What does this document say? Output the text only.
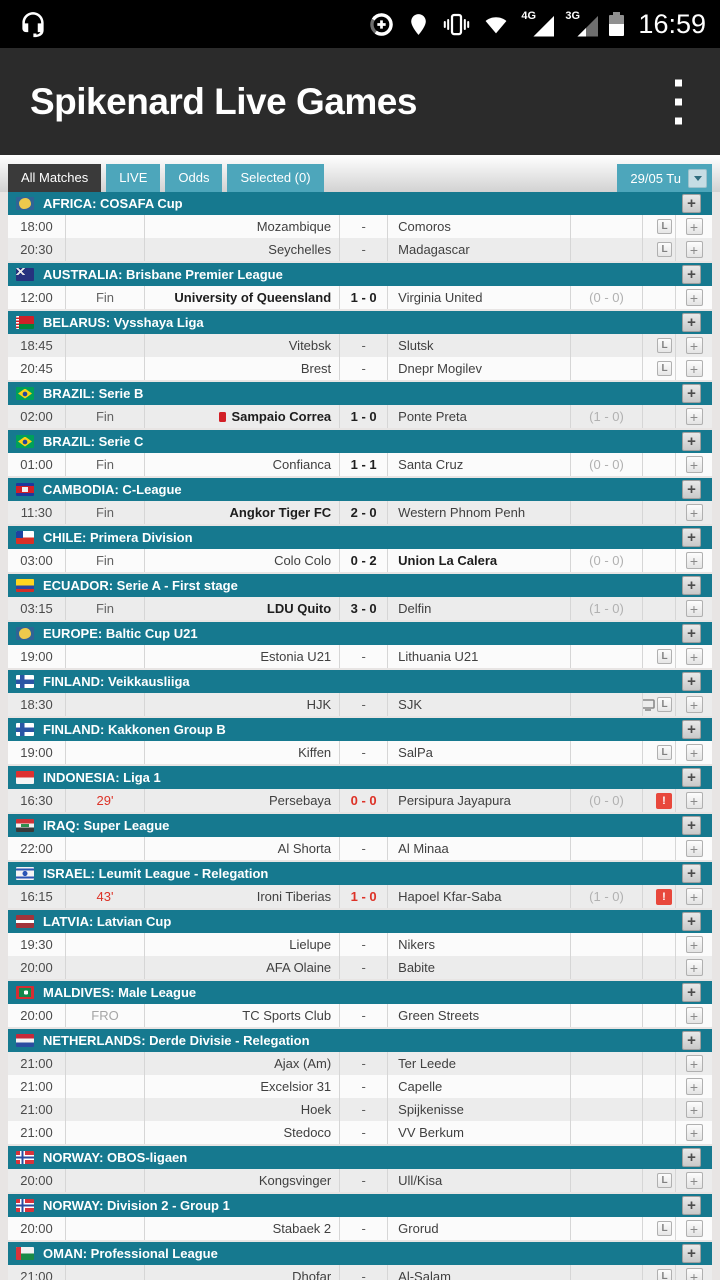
4G	3G 16:59
Spikenard Live Games
All Matches	LIVE	Odds	Selected (0)	29/05 Tu
AFRICA: COSAFA Cup	+
18:00	Mozambique	-	Comoros	L	+
20:30	Seychelles	-	Madagascar	L	+
AUSTRALIA: Brisbane Premier League	+
12:00	Fin	University of Queensland	1 - 0	Virginia United	(0 - 0)	+
BELARUS: Vysshaya Liga	+
18:45	Vitebsk	-	Slutsk	L	+
20:45	Brest	-	Dnepr Mogilev	L	+
BRAZIL: Serie B	+
02:00	Fin	Sampaio Correa	1 - 0	Ponte Preta	(1 - 0)	+
BRAZIL: Serie C	+
01:00	Fin	Confianca	1 - 1	Santa Cruz	(0 - 0)	+
CAMBODIA: C-League	+
11:30	Fin	Angkor Tiger FC	2 - 0	Western Phnom Penh	+
CHILE: Primera Division	+
03:00	Fin	Colo Colo	0 - 2	Union La Calera	(0 - 0)	+
ECUADOR: Serie A - First stage	+
03:15	Fin	LDU Quito	3 - 0	Delfin	(1 - 0)	+
EUROPE: Baltic Cup U21	+
19:00	Estonia U21	-	Lithuania U21	L	+
FINLAND: Veikkausliiga	+
18:30	HJK	-	SJK	L	+
FINLAND: Kakkonen Group B	+
19:00	Kiffen	-	SalPa	L	+
INDONESIA: Liga 1	+
16:30	29'	Persebaya	0 - 0	Persipura Jayapura	(0 - 0)	!	+
IRAQ: Super League	+
22:00	Al Shorta	-	Al Minaa	+
ISRAEL: Leumit League - Relegation	+
16:15	43'	Ironi Tiberias	1 - 0	Hapoel Kfar-Saba	(1 - 0)	!	+
LATVIA: Latvian Cup	+
19:30	Lielupe	-	Nikers	+
20:00	AFA Olaine	-	Babite	+
MALDIVES: Male League	+
20:00	FRO	TC Sports Club	-	Green Streets	+
NETHERLANDS: Derde Divisie - Relegation	+
21:00	Ajax (Am)	-	Ter Leede	+
21:00	Excelsior 31	-	Capelle	+
21:00	Hoek	-	Spijkenisse	+
21:00	Stedoco	-	VV Berkum	+
NORWAY: OBOS-ligaen	+
20:00	Kongsvinger	-	Ull/Kisa	L	+
NORWAY: Division 2 - Group 1	+
20:00	Stabaek 2	-	Grorud	L	+
OMAN: Professional League	+
21:00	Dhofar	-	Al-Salam	L	+
